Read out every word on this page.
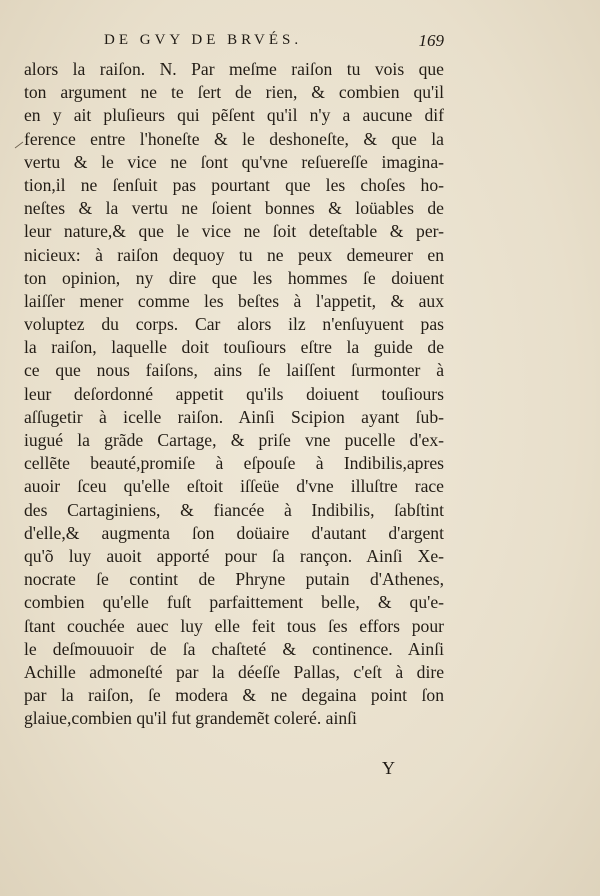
DE GVY DE BRVÉS.	169
alors la raiſon. N. Par meſme raiſon tu vois que
ton argument ne te ſert de rien, & combien qu'il
en y ait pluſieurs qui pẽſent qu'il n'y a aucune dif
ference entre l'honeſte & le deshoneſte, & que la
vertu & le vice ne ſont qu'vne reſuereſſe imagina-
tion,il ne ſenſuit pas pourtant que les choſes ho-
neſtes & la vertu ne ſoient bonnes & loüables de
leur nature,& que le vice ne ſoit deteſtable & per-
nicieux: à raiſon dequoy tu ne peux demeurer en
ton opinion, ny dire que les hommes ſe doiuent
laiſſer mener comme les beſtes à l'appetit, & aux
voluptez du corps. Car alors ilz n'enſuyuent pas
la raiſon, laquelle doit touſiours eſtre la guide de
ce que nous faiſons, ains ſe laiſſent ſurmonter à
leur deſordonné appetit qu'ils doiuent touſiours
aſſugetir à icelle raiſon. Ainſi Scipion ayant ſub-
iugué la grãde Cartage, & priſe vne pucelle d'ex-
cellẽte beauté,promiſe à eſpouſe à Indibilis,apres
auoir ſceu qu'elle eſtoit iſſeüe d'vne illuſtre race
des Cartaginiens, & fiancée à Indibilis, ſabſtint
d'elle,& augmenta ſon doüaire d'autant d'argent
qu'õ luy auoit apporté pour ſa rançon. Ainſi Xe-
nocrate ſe contint de Phryne putain d'Athenes,
combien qu'elle fuſt parfaittement belle, & qu'e-
ſtant couchée auec luy elle feit tous ſes effors pour
le deſmouuoir de ſa chaſteté & continence. Ainſi
Achille admoneſté par la déeſſe Pallas, c'eſt à dire
par la raiſon, ſe modera & ne degaina point ſon
glaiue,combien qu'il fut grandemẽt coleré. ainſi
Y
